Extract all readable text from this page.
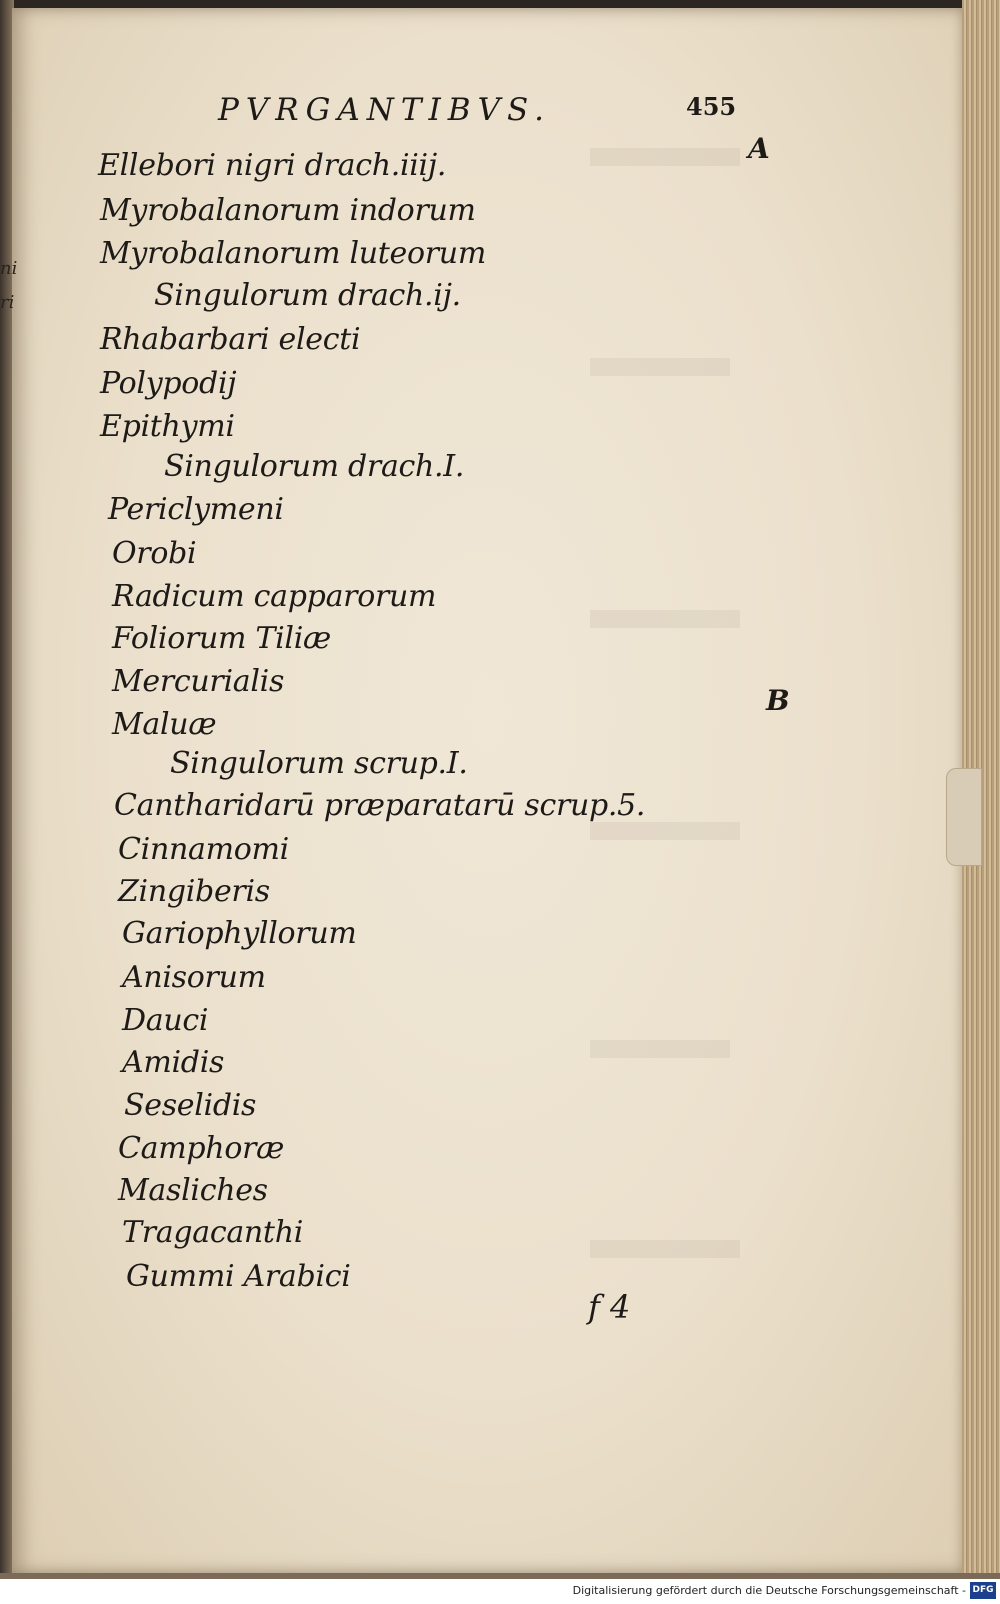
ni
ri
PVRGANTIBVS.	455
A
B
Ellebori nigri drach.iiij.
Myrobalanorum indorum
Myrobalanorum luteorum
Singulorum drach.ij.
Rhabarbari electi
Polypodij
Epithymi
Singulorum drach.I.
Periclymeni
Orobi
Radicum capparorum
Foliorum Tiliæ
Mercurialis
Maluæ
Singulorum scrup.I.
Cantharidarū præparatarū scrup.5.
Cinnamomi
Zingiberis
Gariophyllorum
Anisorum
Dauci
Amidis
Seselidis
Camphoræ
Masliches
Tragacanthi
Gummi Arabici
f 4
Digitalisierung gefördert durch die Deutsche Forschungsgemeinschaft - DFG
